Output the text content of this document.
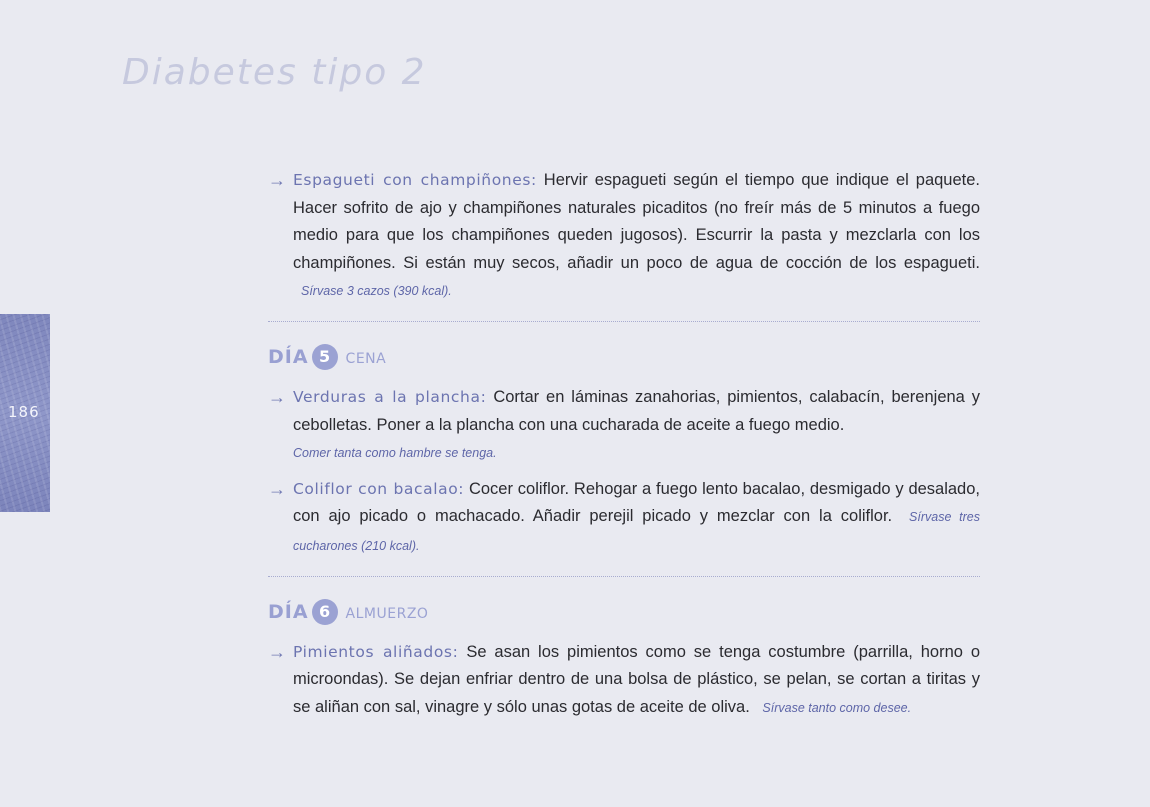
Diabetes tipo 2
186
→ Espagueti con champiñones: Hervir espagueti según el tiempo que indique el paquete. Hacer sofrito de ajo y champiñones naturales picaditos (no freír más de 5 minutos a fuego medio para que los champiñones queden jugosos). Escurrir la pasta y mezclarla con los champiñones. Si están muy secos, añadir un poco de agua de cocción de los espagueti. Sírvase 3 cazos (390 kcal).
DÍA 5	CENA
→ Verduras a la plancha: Cortar en láminas zanahorias, pimientos, calabacín, berenjena y cebolletas. Poner a la plancha con una cucharada de aceite a fuego medio.
Comer tanta como hambre se tenga.
→ Coliflor con bacalao: Cocer coliflor. Rehogar a fuego lento bacalao, desmigado y desalado, con ajo picado o machacado. Añadir perejil picado y mezclar con la coliflor. Sírvase tres cucharones (210 kcal).
DÍA 6	ALMUERZO
→ Pimientos aliñados: Se asan los pimientos como se tenga costumbre (parrilla, horno o microondas). Se dejan enfriar dentro de una bolsa de plástico, se pelan, se cortan a tiritas y se aliñan con sal, vinagre y sólo unas gotas de aceite de oliva. Sírvase tanto como desee.
